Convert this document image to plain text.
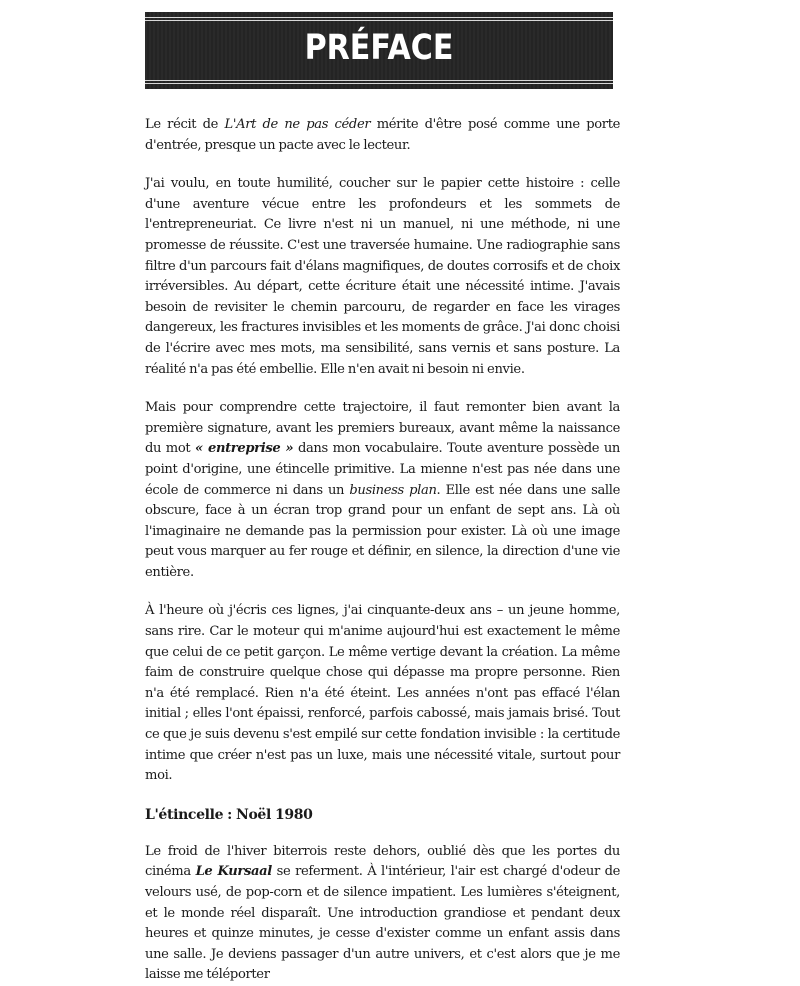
PRÉFACE

Le récit de L'Art de ne pas céder mérite d'être posé comme une porte d'entrée, presque un pacte avec le lecteur.

J'ai voulu, en toute humilité, coucher sur le papier cette histoire : celle d'une aventure vécue entre les profondeurs et les sommets de l'entrepreneuriat. Ce livre n'est ni un manuel, ni une méthode, ni une promesse de réussite. C'est une traversée humaine. Une radiographie sans filtre d'un parcours fait d'élans magnifiques, de doutes corrosifs et de choix irréversibles. Au départ, cette écriture était une nécessité intime. J'avais besoin de revisiter le chemin parcouru, de regarder en face les virages dangereux, les fractures invisibles et les moments de grâce. J'ai donc choisi de l'écrire avec mes mots, ma sensibilité, sans vernis et sans posture. La réalité n'a pas été embellie. Elle n'en avait ni besoin ni envie.

Mais pour comprendre cette trajectoire, il faut remonter bien avant la première signature, avant les premiers bureaux, avant même la naissance du mot « entreprise » dans mon vocabulaire. Toute aventure possède un point d'origine, une étincelle primitive. La mienne n'est pas née dans une école de commerce ni dans un business plan. Elle est née dans une salle obscure, face à un écran trop grand pour un enfant de sept ans. Là où l'imaginaire ne demande pas la permission pour exister. Là où une image peut vous marquer au fer rouge et définir, en silence, la direction d'une vie entière.

À l'heure où j'écris ces lignes, j'ai cinquante-deux ans – un jeune homme, sans rire. Car le moteur qui m'anime aujourd'hui est exactement le même que celui de ce petit garçon. Le même vertige devant la création. La même faim de construire quelque chose qui dépasse ma propre personne. Rien n'a été remplacé. Rien n'a été éteint. Les années n'ont pas effacé l'élan initial ; elles l'ont épaissi, renforcé, parfois cabossé, mais jamais brisé. Tout ce que je suis devenu s'est empilé sur cette fondation invisible : la certitude intime que créer n'est pas un luxe, mais une nécessité vitale, surtout pour moi.

L'étincelle : Noël 1980

Le froid de l'hiver biterrois reste dehors, oublié dès que les portes du cinéma Le Kursaal se referment. À l'intérieur, l'air est chargé d'odeur de velours usé, de pop-corn et de silence impatient. Les lumières s'éteignent, et le monde réel disparaît. Une introduction grandiose et pendant deux heures et quinze minutes, je cesse d'exister comme un enfant assis dans une salle. Je deviens passager d'un autre univers, et c'est alors que je me laisse me téléporter
